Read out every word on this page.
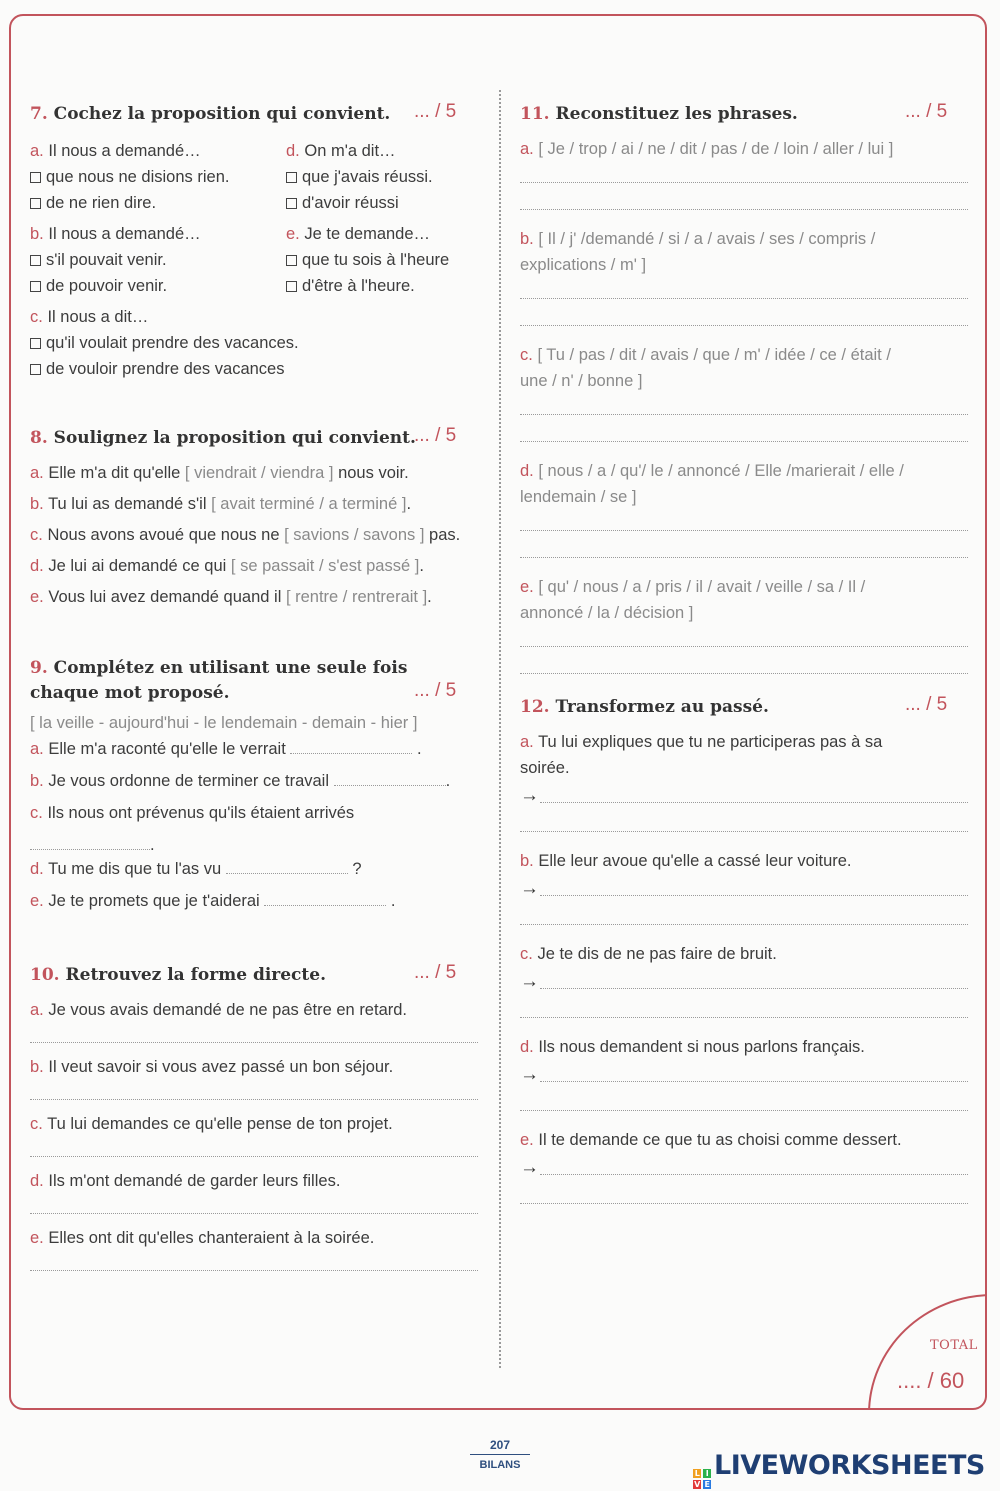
7. Cochez la proposition qui convient.	... / 5
a. Il nous a demandé…
que nous ne disions rien.
de ne rien dire.
b. Il nous a demandé…
s'il pouvait venir.
de pouvoir venir.
c. Il nous a dit…
qu'il voulait prendre des vacances.
de vouloir prendre des vacances
d. On m'a dit…
que j'avais réussi.
d'avoir réussi
e. Je te demande…
que tu sois à l'heure
d'être à l'heure.

8. Soulignez la proposition qui convient.

... / 5
a. Elle m'a dit qu'elle [ viendrait / viendra ] nous voir.
b. Tu lui as demandé s'il [ avait terminé / a terminé ].
c. Nous avons avoué que nous ne [ savions / savons ] pas.
d. Je lui ai demandé ce qui [ se passait / s'est passé ].
e. Vous lui avez demandé quand il [ rentre / rentrerait ].

9. Complétez en utilisant une seule fois

chaque mot proposé.	... / 5
[ la veille - aujourd'hui - le lendemain - demain - hier ]
a. Elle m'a raconté qu'elle le verrait	.
b. Je vous ordonne de terminer ce travail	.
c. Ils nous ont prévenus qu'ils étaient arrivés
.
d. Tu me dis que tu l'as vu	?
e. Je te promets que je t'aiderai	.

10. Retrouvez la forme directe.	... / 5
a. Je vous avais demandé de ne pas être en retard.
b. Il veut savoir si vous avez passé un bon séjour.
c. Tu lui demandes ce qu'elle pense de ton projet.
d. Ils m'ont demandé de garder leurs filles.
e. Elles ont dit qu'elles chanteraient à la soirée.

11. Reconstituez les phrases.	... / 5
a. [ Je / trop / ai / ne / dit / pas / de / loin / aller / lui ]
b. [ Il / j' /demandé / si / a / avais / ses / compris /
explications / m' ]
c. [ Tu / pas / dit / avais / que / m' / idée / ce / était /
une / n' / bonne ]
d. [ nous / a / qu'/ le / annoncé / Elle /marierait / elle /
lendemain / se ]
e. [ qu' / nous / a / pris / il / avait / veille / sa / Il /
annoncé / la / décision ]

12. Transformez au passé.	... / 5
a. Tu lui expliques que tu ne participeras pas à sa
soirée.
→
b. Elle leur avoue qu'elle a cassé leur voiture.
→
c. Je te dis de ne pas faire de bruit.
→
d. Ils nous demandent si nous parlons français.
→
e. Il te demande ce que tu as choisi comme dessert.
→
TOTAL
.... / 60
207
BILANS
L I
V E
LIVEWORKSHEETS
